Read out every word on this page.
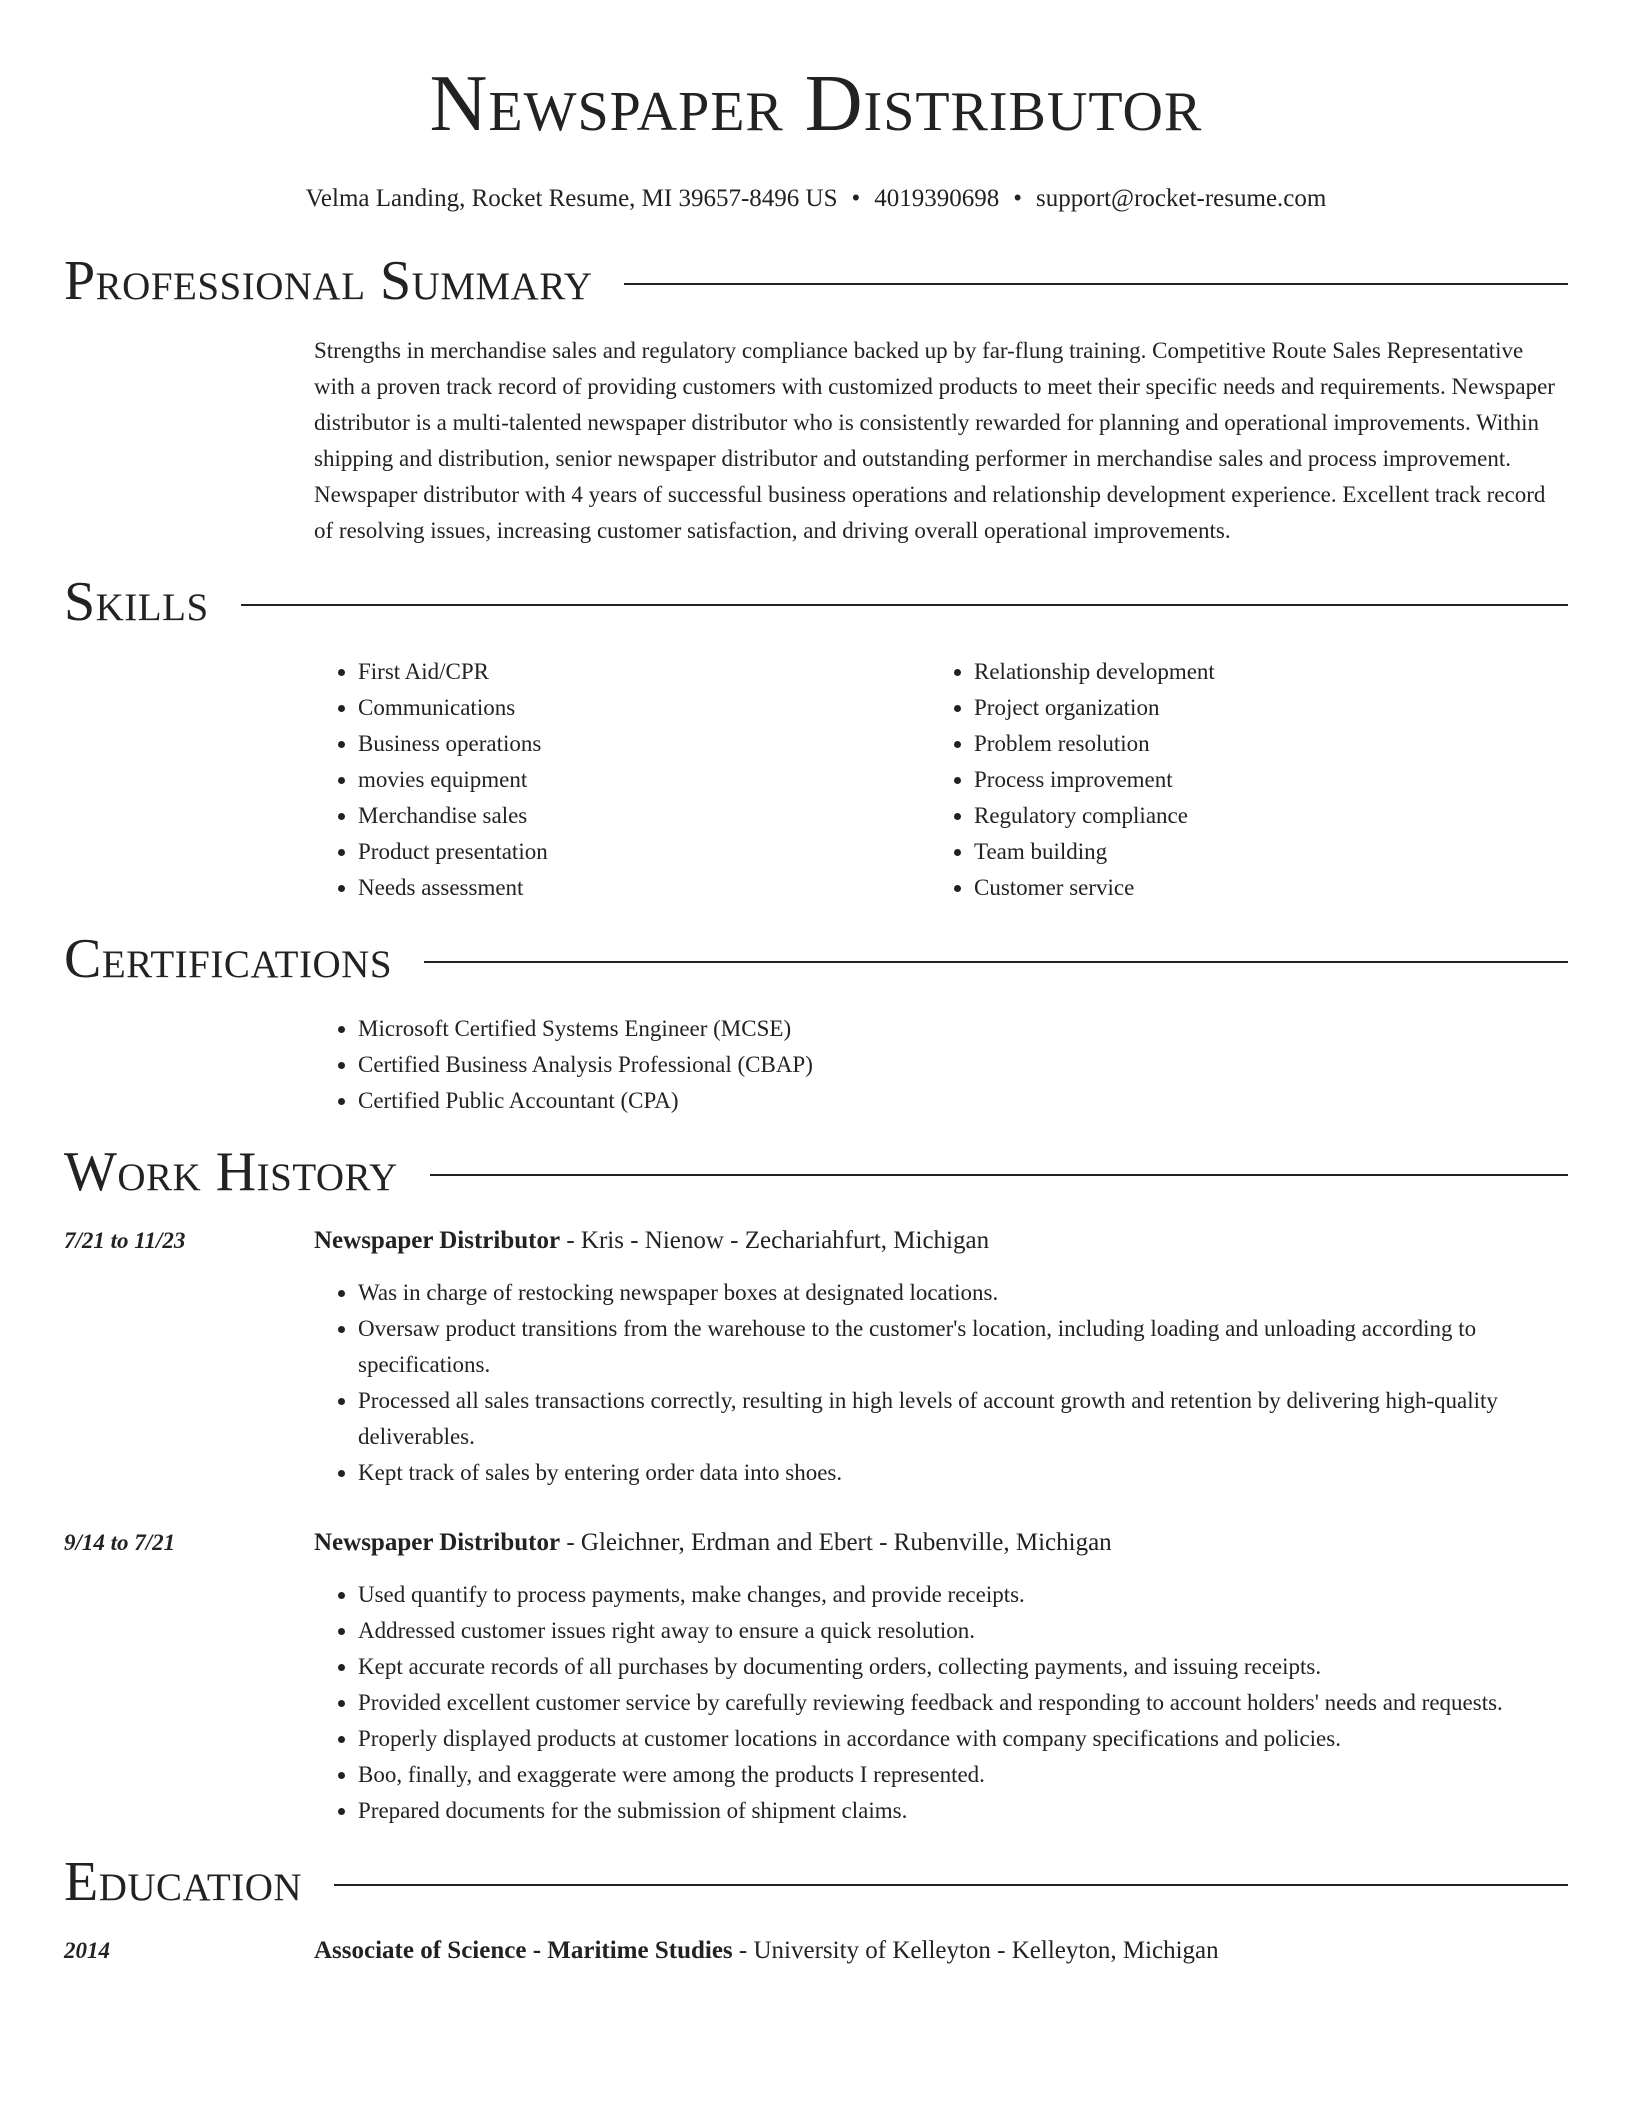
Newspaper Distributor
Velma Landing, Rocket Resume, MI 39657-8496 US • 4019390698 • support@rocket-resume.com
Professional Summary

Strengths in merchandise sales and regulatory compliance backed up by far-flung training. Competitive Route Sales Representative with a proven track record of providing customers with customized products to meet their specific needs and requirements. Newspaper distributor is a multi-talented newspaper distributor who is consistently rewarded for planning and operational improvements. Within shipping and distribution, senior newspaper distributor and outstanding performer in merchandise sales and process improvement. Newspaper distributor with 4 years of successful business operations and relationship development experience. Excellent track record of resolving issues, increasing customer satisfaction, and driving overall operational improvements.

Skills
• First Aid/CPR
• Communications
• Business operations
• movies equipment
• Merchandise sales
• Product presentation
• Needs assessment
• Relationship development
• Project organization
• Problem resolution
• Process improvement
• Regulatory compliance
• Team building
• Customer service
Certifications
• Microsoft Certified Systems Engineer (MCSE)
• Certified Business Analysis Professional (CBAP)
• Certified Public Accountant (CPA)
Work History
7/21 to 11/23	Newspaper Distributor - Kris - Nienow - Zechariahfurt, Michigan
• Was in charge of restocking newspaper boxes at designated locations.
• Oversaw product transitions from the warehouse to the customer's location, including loading and unloading according to specifications.
• Processed all sales transactions correctly, resulting in high levels of account growth and retention by delivering high-quality deliverables.
• Kept track of sales by entering order data into shoes.
9/14 to 7/21	Newspaper Distributor - Gleichner, Erdman and Ebert - Rubenville, Michigan
• Used quantify to process payments, make changes, and provide receipts.
• Addressed customer issues right away to ensure a quick resolution.
• Kept accurate records of all purchases by documenting orders, collecting payments, and issuing receipts.
• Provided excellent customer service by carefully reviewing feedback and responding to account holders' needs and requests.
• Properly displayed products at customer locations in accordance with company specifications and policies.
• Boo, finally, and exaggerate were among the products I represented.
• Prepared documents for the submission of shipment claims.
Education
2014	Associate of Science - Maritime Studies - University of Kelleyton - Kelleyton, Michigan
